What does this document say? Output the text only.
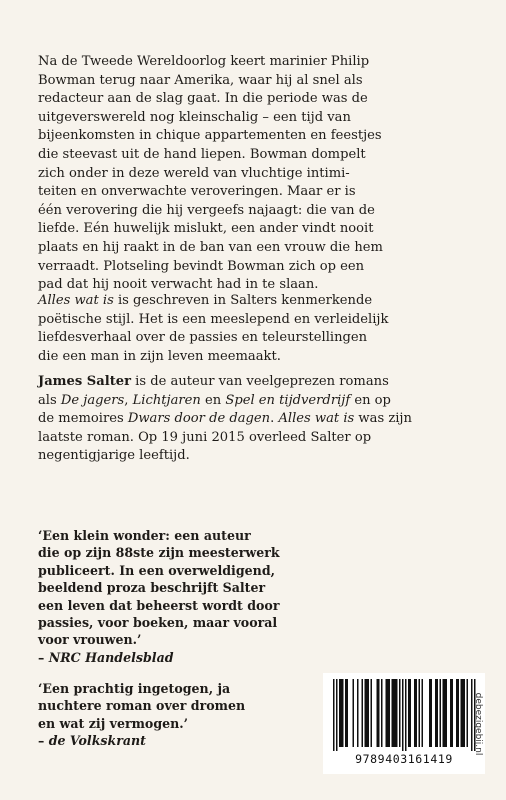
Na de Tweede Wereldoorlog keert marinier Philip
Bowman terug naar Amerika, waar hij al snel als
redacteur aan de slag gaat. In die periode was de
uitgeverswereld nog kleinschalig – een tijd van
bijeenkomsten in chique appartementen en feestjes
die steevast uit de hand liepen. Bowman dompelt
zich onder in deze wereld van vluchtige intimi-
teiten en onverwachte veroveringen. Maar er is
één verovering die hij vergeefs najaagt: die van de
liefde. Eén huwelijk mislukt, een ander vindt nooit
plaats en hij raakt in de ban van een vrouw die hem
verraadt. Plotseling bevindt Bowman zich op een
pad dat hij nooit verwacht had in te slaan.
Alles wat is is geschreven in Salters kenmerkende
poëtische stijl. Het is een meeslepend en verleidelijk
liefdesverhaal over de passies en teleurstellingen
die een man in zijn leven meemaakt.
James Salter is de auteur van veelgeprezen romans
als De jagers, Lichtjaren en Spel en tijdverdrijf en op
de memoires Dwars door de dagen. Alles wat is was zijn
laatste roman. Op 19 juni 2015 overleed Salter op
negentigjarige leeftijd.
‘Een klein wonder: een auteur
die op zijn 88ste zijn meesterwerk
publiceert. In een overweldigend,
beeldend proza beschrijft Salter
een leven dat beheerst wordt door
passies, voor boeken, maar vooral
voor vrouwen.’
– NRC Handelsblad
‘Een prachtig ingetogen, ja
nuchtere roman over dromen
en wat zij vermogen.’
– de Volkskrant
9789403161419
debezigebij.nl
